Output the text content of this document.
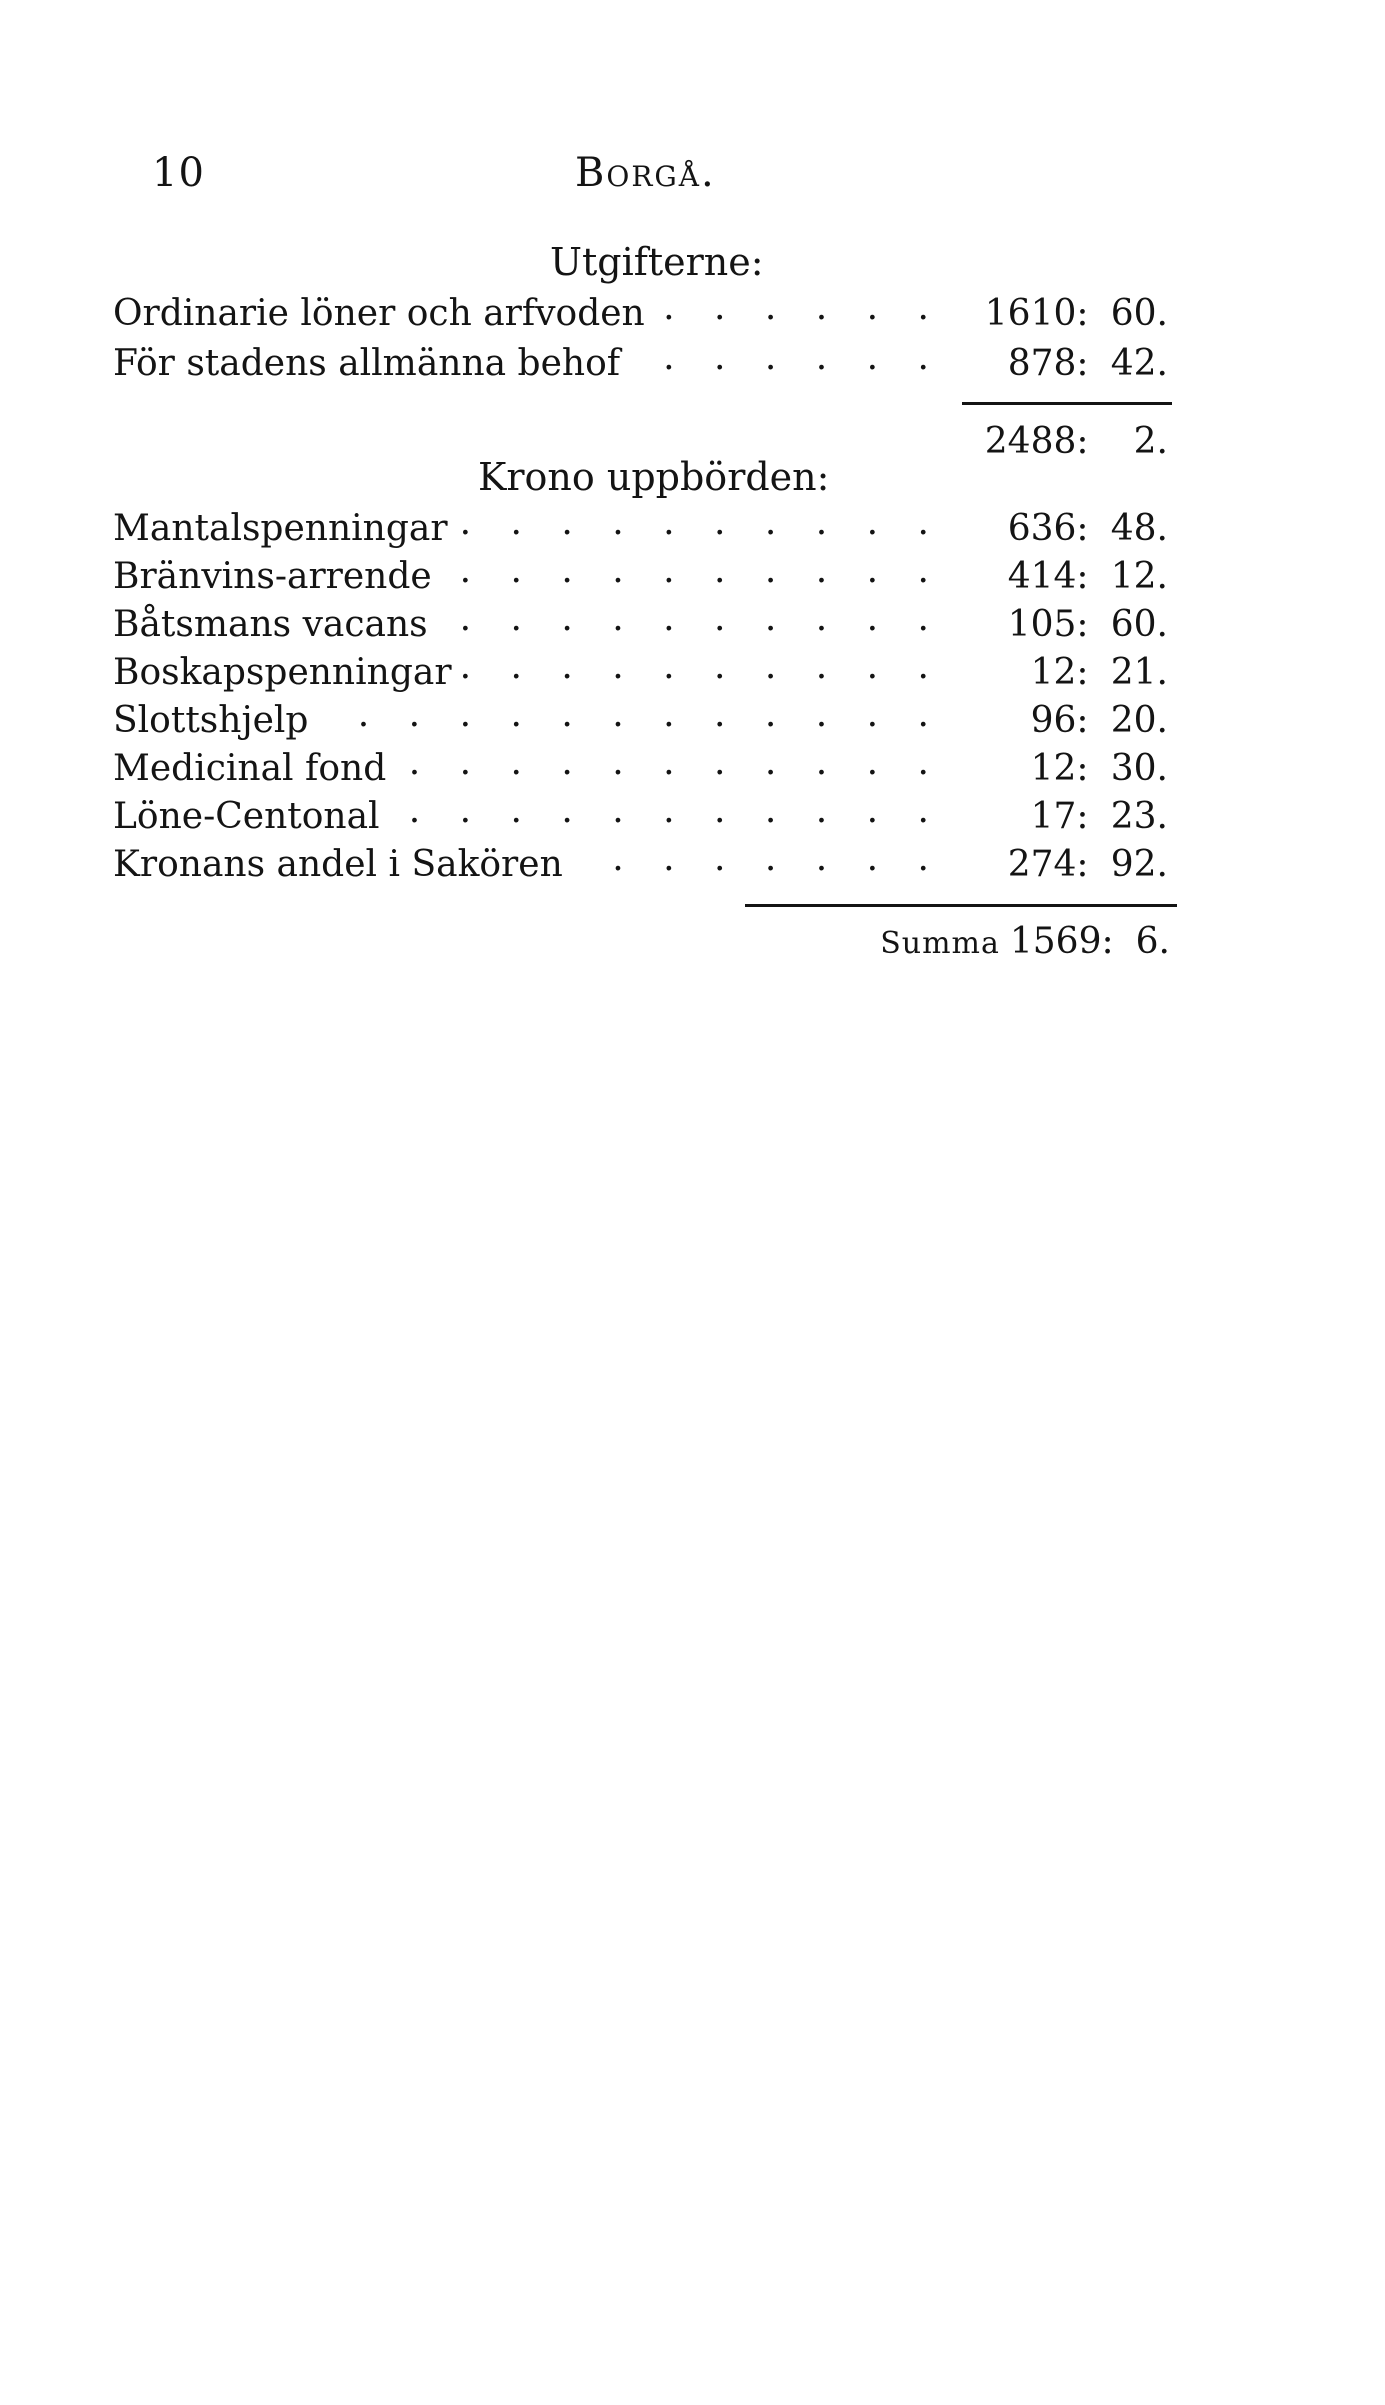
10	Borgå.
Utgifterne:
. . . . . .
Ordinarie löner och arfvoden	1610: 60.
. . . . . .
För stadens allmänna behof	878: 42.
2488: 2.
Krono uppbörden:
. . . . . . . . . .
Mantalspenningar	636: 48.
. . . . . . . . . .
Bränvins-arrende	414: 12.
. . . . . . . . . .
Båtsmans vacans	105: 60.
. . . . . . . . . .
Boskapspenningar	12: 21.
. . . . . . . . . . . .
Slottshjelp	96: 20.
. . . . . . . . . . .
Medicinal fond	12: 30.
. . . . . . . . . . .
Löne-Centonal	17: 23.
. . . . . . .
Kronans andel i Sakören	274: 92.
Summa 1569: 6.
